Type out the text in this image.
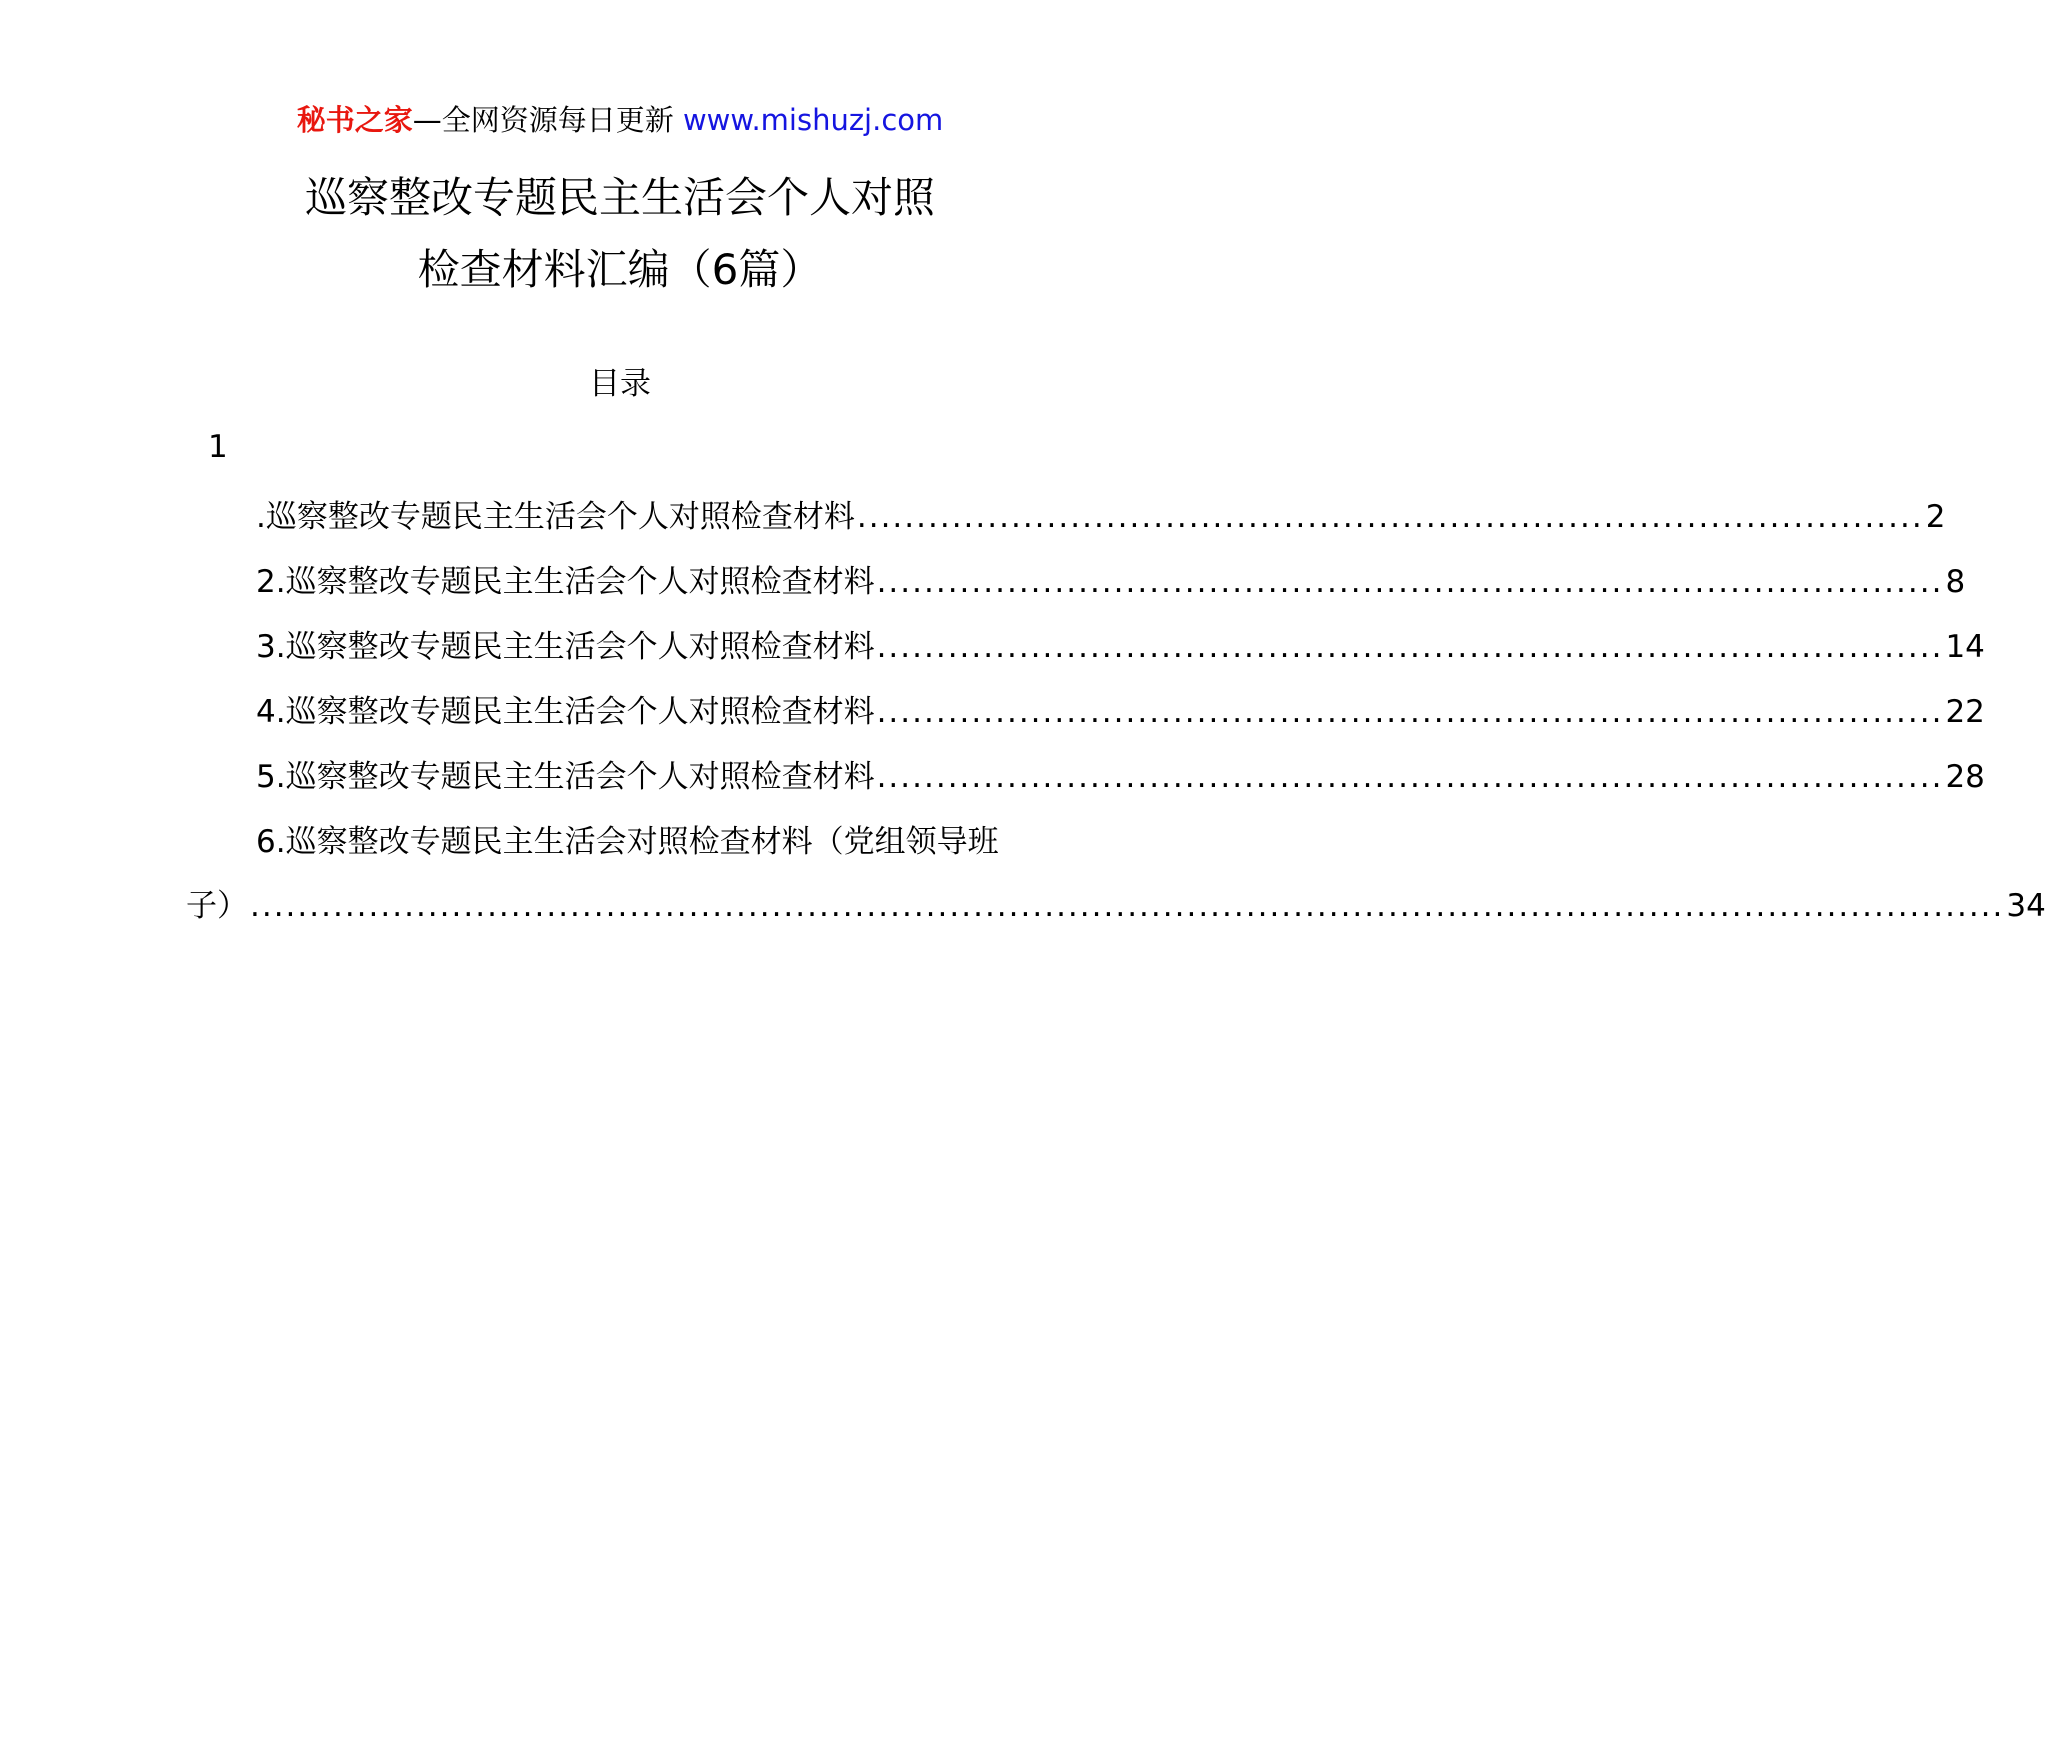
秘书之家—全网资源每日更新 www.mishuzj.com
巡察整改专题民主生活会个人对照
检查材料汇编（6篇）
目录
1
.巡察整改专题民主生活会个人对照检查材料 .......................................................................................... 2
2.巡察整改专题民主生活会个人对照检查材料 .......................................................................................... 8
3.巡察整改专题民主生活会个人对照检查材料 .......................................................................................... 14
4.巡察整改专题民主生活会个人对照检查材料 .......................................................................................... 22
5.巡察整改专题民主生活会个人对照检查材料 .......................................................................................... 28
6.巡察整改专题民主生活会对照检查材料（党组领导班
子） .................................................................................................................................................... 34
